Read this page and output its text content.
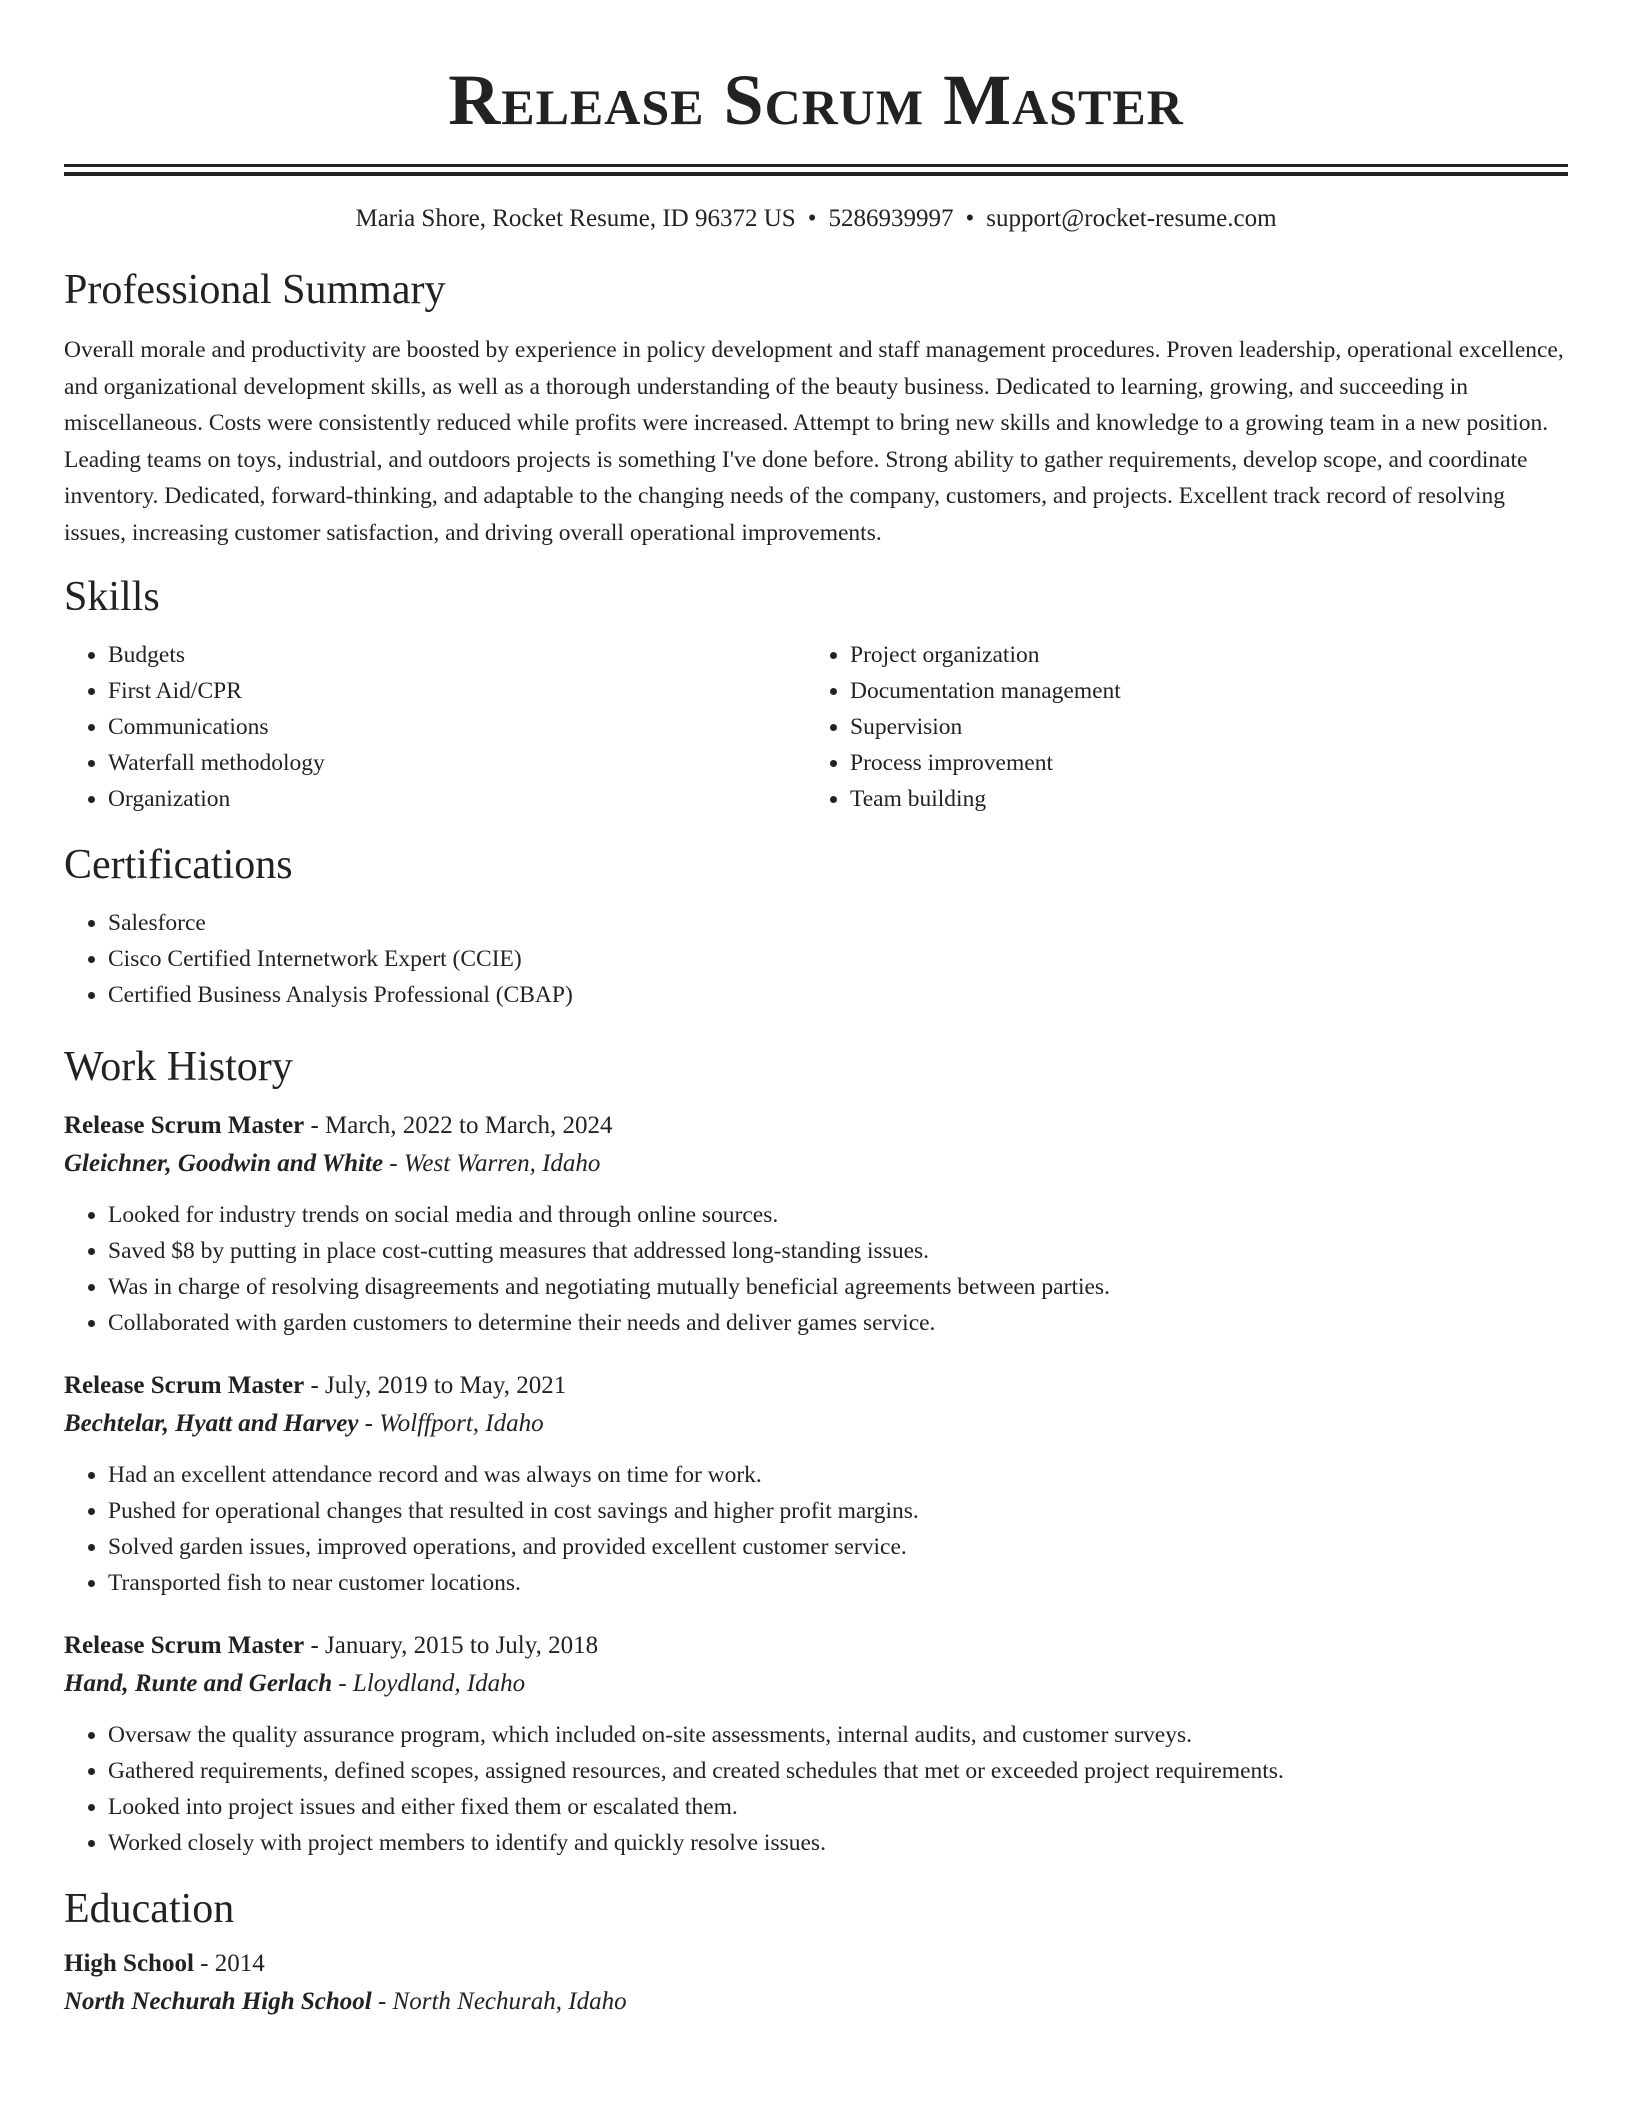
Release Scrum Master
Maria Shore, Rocket Resume, ID 96372 US • 5286939997 • support@rocket-resume.com
Professional Summary
Overall morale and productivity are boosted by experience in policy development and staff management procedures. Proven leadership, operational excellence, and organizational development skills, as well as a thorough understanding of the beauty business. Dedicated to learning, growing, and succeeding in miscellaneous. Costs were consistently reduced while profits were increased. Attempt to bring new skills and knowledge to a growing team in a new position. Leading teams on toys, industrial, and outdoors projects is something I've done before. Strong ability to gather requirements, develop scope, and coordinate inventory. Dedicated, forward-thinking, and adaptable to the changing needs of the company, customers, and projects. Excellent track record of resolving issues, increasing customer satisfaction, and driving overall operational improvements.
Skills
• Budgets
• First Aid/CPR
• Communications
• Waterfall methodology
• Organization
• Project organization
• Documentation management
• Supervision
• Process improvement
• Team building
Certifications
• Salesforce
• Cisco Certified Internetwork Expert (CCIE)
• Certified Business Analysis Professional (CBAP)
Work History
Release Scrum Master - March, 2022 to March, 2024
Gleichner, Goodwin and White - West Warren, Idaho
• Looked for industry trends on social media and through online sources.
• Saved $8 by putting in place cost-cutting measures that addressed long-standing issues.
• Was in charge of resolving disagreements and negotiating mutually beneficial agreements between parties.
• Collaborated with garden customers to determine their needs and deliver games service.
Release Scrum Master - July, 2019 to May, 2021
Bechtelar, Hyatt and Harvey - Wolffport, Idaho
• Had an excellent attendance record and was always on time for work.
• Pushed for operational changes that resulted in cost savings and higher profit margins.
• Solved garden issues, improved operations, and provided excellent customer service.
• Transported fish to near customer locations.
Release Scrum Master - January, 2015 to July, 2018
Hand, Runte and Gerlach - Lloydland, Idaho
• Oversaw the quality assurance program, which included on-site assessments, internal audits, and customer surveys.
• Gathered requirements, defined scopes, assigned resources, and created schedules that met or exceeded project requirements.
• Looked into project issues and either fixed them or escalated them.
• Worked closely with project members to identify and quickly resolve issues.
Education
High School - 2014
North Nechurah High School - North Nechurah, Idaho
